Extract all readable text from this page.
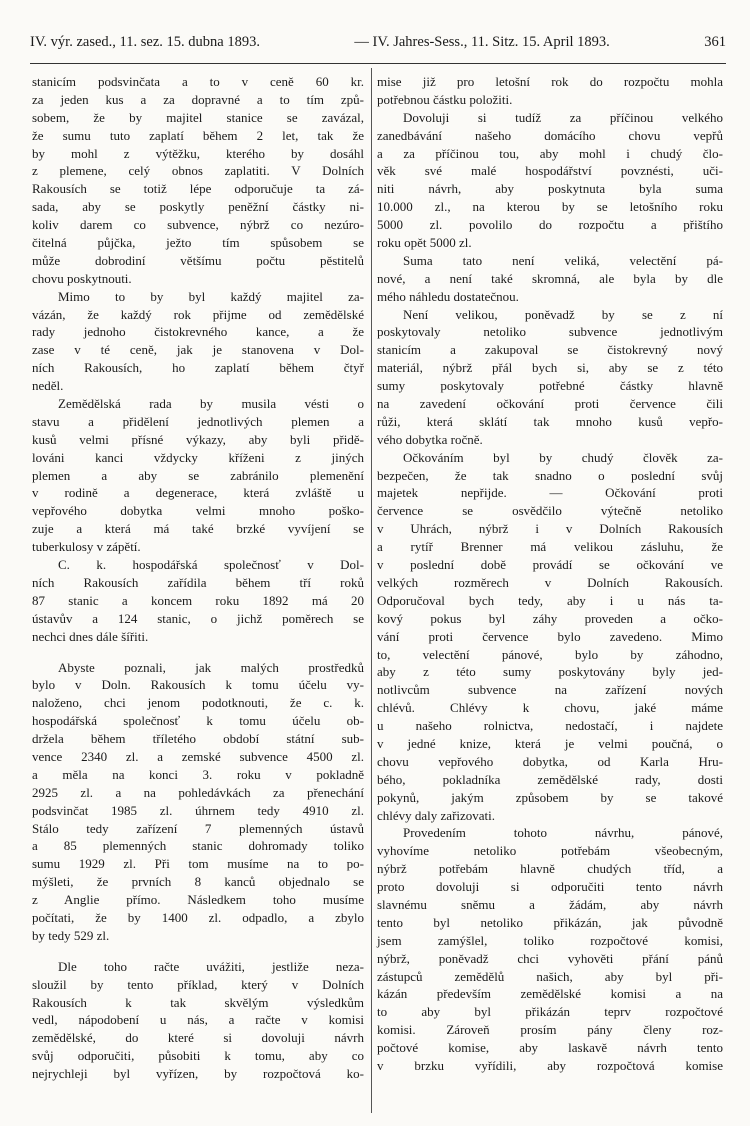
IV. výr. zased., 11. sez. 15. dubna 1893.	— IV. Jahres-Sess., 11. Sitz. 15. April 1893.	361
stanicím podsvinčata a to v ceně 60 kr.
za jeden kus a za dopravné a to tím způ-
sobem, že by majitel stanice se zavázal,
že sumu tuto zaplatí během 2 let, tak že
by mohl z výtěžku, kterého by dosáhl
z plemene, celý obnos zaplatiti. V Dolních
Rakousích se totiž lépe odporučuje ta zá-
sada, aby se poskytly peněžní částky ni-
koliv darem co subvence, nýbrž co nezúro-
čitelná půjčka, ježto tím spůsobem se
může dobrodiní většímu počtu pěstitelů
chovu poskytnouti.
Mimo to by byl každý majitel za-
vázán, že každý rok přijme od zemědělské
rady jednoho čistokrevného kance, a že
zase v té ceně, jak je stanovena v Dol-
ních Rakousích, ho zaplatí během čtyř
neděl.
Zemědělská rada by musila vésti o
stavu a přidělení jednotlivých plemen a
kusů velmi přísné výkazy, aby byli přidě-
lováni kanci vždycky kříženi z jiných
plemen a aby se zabránilo plemenění
v rodině a degenerace, která zvláště u
vepřového dobytka velmi mnoho poško-
zuje a která má také brzké vyvíjení se
tuberkulosy v zápětí.
C. k. hospodářská společnosť v Dol-
ních Rakousích zařídila během tří roků
87 stanic a koncem roku 1892 má 20
ústavův a 124 stanic, o jichž poměrech se
nechci dnes dále šířiti.
Abyste poznali, jak malých prostředků
bylo v Doln. Rakousích k tomu účelu vy-
naloženo, chci jenom podotknouti, že c. k.
hospodářská společnosť k tomu účelu ob-
držela během tříletého období státní sub-
vence 2340 zl. a zemské subvence 4500 zl.
a měla na konci 3. roku v pokladně
2925 zl. a na pohledávkách za přenechání
podsvinčat 1985 zl. úhrnem tedy 4910 zl.
Stálo tedy zařízení 7 plemenných ústavů
a 85 plemenných stanic dohromady toliko
sumu 1929 zl. Při tom musíme na to po-
mýšleti, že prvních 8 kanců objednalo se
z Anglie přímo. Následkem toho musíme
počítati, že by 1400 zl. odpadlo, a zbylo
by tedy 529 zl.
Dle toho račte uvážiti, jestliže neza-
sloužil by tento příklad, který v Dolních
Rakousích k tak skvělým výsledkům
vedl, nápodobení u nás, a račte v komisi
zemědělské, do které si dovoluji návrh
svůj odporučiti, působiti k tomu, aby co
nejrychleji byl vyřízen, by rozpočtová ko-
mise již pro letošní rok do rozpočtu mohla
potřebnou částku položiti.
Dovoluji si tudíž za příčinou velkého
zanedbávání našeho domácího chovu vepřů
a za příčinou tou, aby mohl i chudý člo-
věk své malé hospodářství povznésti, uči-
niti návrh, aby poskytnuta byla suma
10.000 zl., na kterou by se letošního roku
5000 zl. povolilo do rozpočtu a přištího
roku opět 5000 zl.
Suma tato není veliká, velectění pá-
nové, a není také skromná, ale byla by dle
mého náhledu dostatečnou.
Není velikou, poněvadž by se z ní
poskytovaly netoliko subvence jednotlivým
stanicím a zakupoval se čistokrevný nový
materiál, nýbrž přál bych si, aby se z této
sumy poskytovaly potřebné částky hlavně
na zavedení očkování proti července čili
růži, která sklátí tak mnoho kusů vepřo-
vého dobytka ročně.
Očkováním byl by chudý člověk za-
bezpečen, že tak snadno o poslední svůj
majetek nepřijde. — Očkování proti
července se osvědčilo výtečně netoliko
v Uhrách, nýbrž i v Dolních Rakousích
a rytíř Brenner má velikou zásluhu, že
v poslední době provádí se očkování ve
velkých rozměrech v Dolních Rakousích.
Odporučoval bych tedy, aby i u nás ta-
kový pokus byl záhy proveden a očko-
vání proti července bylo zavedeno. Mimo
to, velectění pánové, bylo by záhodno,
aby z této sumy poskytovány byly jed-
notlivcům subvence na zařízení nových
chlévů. Chlévy k chovu, jaké máme
u našeho rolnictva, nedostačí, i najdete
v jedné knize, která je velmi poučná, o
chovu vepřového dobytka, od Karla Hru-
bého, pokladníka zemědělské rady, dosti
pokynů, jakým způsobem by se takové
chlévy daly zařizovati.
Provedením tohoto návrhu, pánové,
vyhovíme netoliko potřebám všeobecným,
nýbrž potřebám hlavně chudých tříd, a
proto dovoluji si odporučiti tento návrh
slavnému sněmu a žádám, aby návrh
tento byl netoliko přikázán, jak původně
jsem zamýšlel, toliko rozpočtové komisi,
nýbrž, poněvadž chci vyhověti přání pánů
zástupců zemědělů našich, aby byl při-
kázán především zemědělské komisi a na
to aby byl přikázán teprv rozpočtové
komisi. Zároveň prosím pány členy roz-
počtové komise, aby laskavě návrh tento
v brzku vyřídili, aby rozpočtová komise
